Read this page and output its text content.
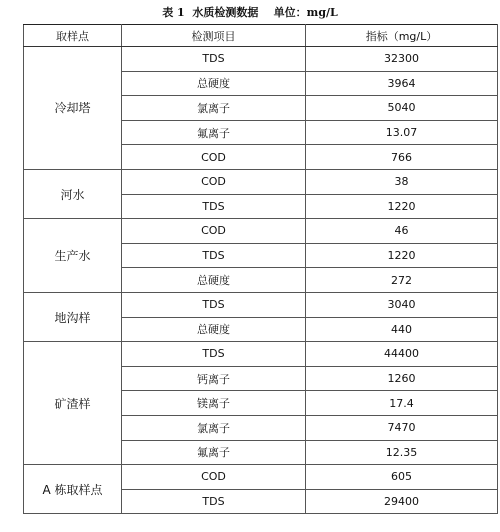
表 1  水质检测数据    单位：mg/L
取样点	检测项目	指标（mg/L）
冷却塔	TDS	32300
	总硬度	3964
	氯离子	5040
	氟离子	13.07
	COD	766
河水	COD	38
	TDS	1220
生产水	COD	46
	TDS	1220
	总硬度	272
地沟样	TDS	3040
	总硬度	440
矿渣样	TDS	44400
	钙离子	1260
	镁离子	17.4
	氯离子	7470
	氟离子	12.35
A 栋取样点	COD	605
	TDS	29400
